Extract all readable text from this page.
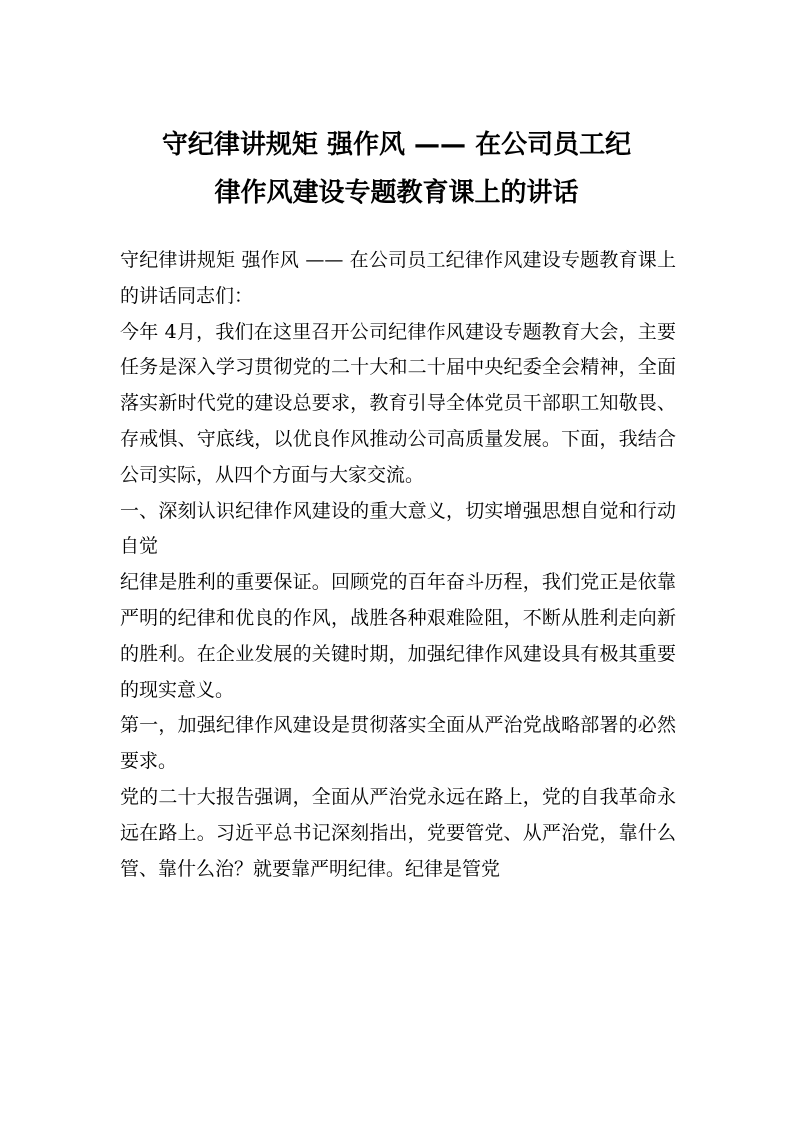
守纪律讲规矩 强作风 —— 在公司员工纪
律作风建设专题教育课上的讲话

守纪律讲规矩 强作风 —— 在公司员工纪律作风建设专题教育课上的讲话同志们：

今年 4月，我们在这里召开公司纪律作风建设专题教育大会，主要任务是深入学习贯彻党的二十大和二十届中央纪委全会精神，全面落实新时代党的建设总要求，教育引导全体党员干部职工知敬畏、存戒惧、守底线，以优良作风推动公司高质量发展。下面，我结合公司实际，从四个方面与大家交流。

一、深刻认识纪律作风建设的重大意义，切实增强思想自觉和行动自觉

纪律是胜利的重要保证。回顾党的百年奋斗历程，我们党正是依靠严明的纪律和优良的作风，战胜各种艰难险阻，不断从胜利走向新的胜利。在企业发展的关键时期，加强纪律作风建设具有极其重要的现实意义。

第一，加强纪律作风建设是贯彻落实全面从严治党战略部署的必然要求。

党的二十大报告强调，全面从严治党永远在路上，党的自我革命永远在路上。习近平总书记深刻指出，党要管党、从严治党，靠什么管、靠什么治？就要靠严明纪律。纪律是管党
